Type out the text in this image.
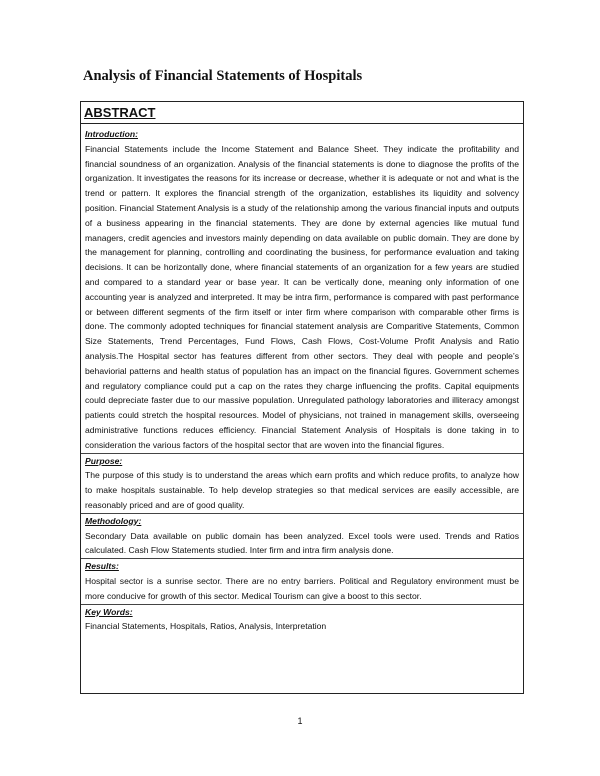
Analysis of Financial Statements of Hospitals
ABSTRACT
Introduction:

Financial Statements include the Income Statement and Balance Sheet. They indicate the profitability and financial soundness of an organization. Analysis of the financial statements is done to diagnose the profits of the organization. It investigates the reasons for its increase or decrease, whether it is adequate or not and what is the trend or pattern. It explores the financial strength of the organization, establishes its liquidity and solvency position. Financial Statement Analysis is a study of the relationship among the various financial inputs and outputs of a business appearing in the financial statements. They are done by external agencies like mutual fund managers, credit agencies and investors mainly depending on data available on public domain. They are done by the management for planning, controlling and coordinating the business, for performance evaluation and taking decisions. It can be horizontally done, where financial statements of an organization for a few years are studied and compared to a standard year or base year. It can be vertically done, meaning only information of one accounting year is analyzed and interpreted. It may be intra firm, performance is compared with past performance or between different segments of the firm itself or inter firm where comparison with comparable other firms is done. The commonly adopted techniques for financial statement analysis are Comparitive Statements, Common Size Statements, Trend Percentages, Fund Flows, Cash Flows, Cost-Volume Profit Analysis and Ratio analysis.The Hospital sector has features different from other sectors. They deal with people and people’s behaviorial patterns and health status of population has an impact on the financial figures. Government schemes and regulatory compliance could put a cap on the rates they charge influencing the profits. Capital equipments could depreciate faster due to our massive population. Unregulated pathology laboratories and illiteracy amongst patients could stretch the hospital resources. Model of physicians, not trained in management skills, overseeing administrative functions reduces efficiency. Financial Statement Analysis of Hospitals is done taking in to consideration the various factors of the hospital sector that are woven into the financial figures.

Purpose:

The purpose of this study is to understand the areas which earn profits and which reduce profits, to analyze how to make hospitals sustainable. To help develop strategies so that medical services are easily accessible, are reasonably priced and are of good quality.

Methodology:

Secondary Data available on public domain has been analyzed. Excel tools were used. Trends and Ratios calculated. Cash Flow Statements studied. Inter firm and intra firm analysis done.

Results:

Hospital sector is a sunrise sector. There are no entry barriers. Political and Regulatory environment must be more conducive for growth of this sector. Medical Tourism can give a boost to this sector.

Key Words:

Financial Statements, Hospitals, Ratios, Analysis, Interpretation

1
